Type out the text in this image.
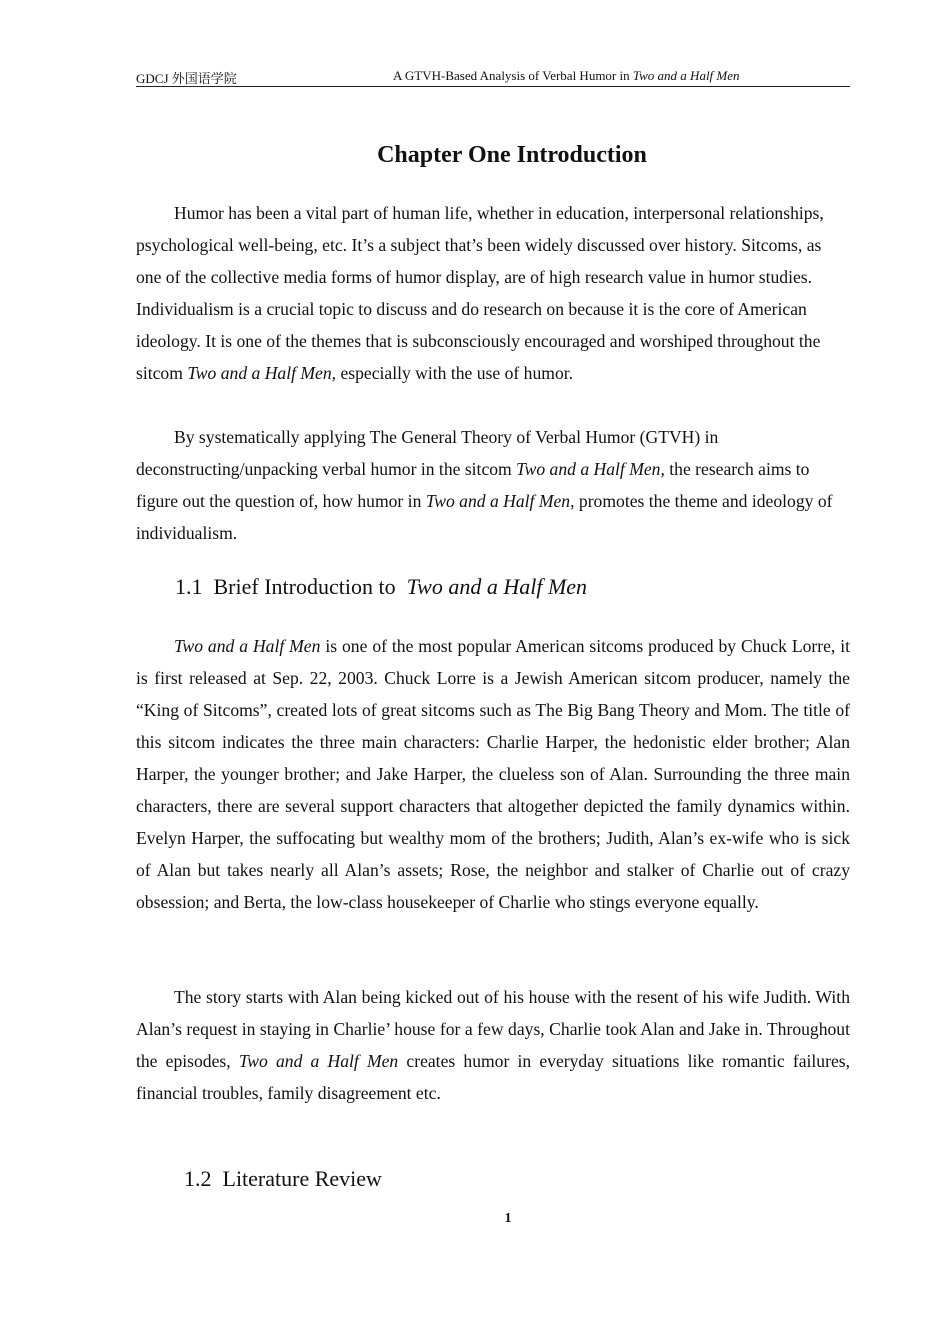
GDCJ 外国语学院	A GTVH-Based Analysis of Verbal Humor in Two and a Half Men
Chapter One Introduction

Humor has been a vital part of human life, whether in education, interpersonal relationships, psychological well-being, etc. It’s a subject that’s been widely discussed over history. Sitcoms, as one of the collective media forms of humor display, are of high research value in humor studies. Individualism is a crucial topic to discuss and do research on because it is the core of American ideology. It is one of the themes that is subconsciously encouraged and worshiped throughout the sitcom Two and a Half Men, especially with the use of humor.

By systematically applying The General Theory of Verbal Humor (GTVH) in deconstructing/unpacking verbal humor in the sitcom Two and a Half Men, the research aims to figure out the question of, how humor in Two and a Half Men, promotes the theme and ideology of individualism.

1.1 Brief Introduction to Two and a Half Men

Two and a Half Men is one of the most popular American sitcoms produced by Chuck Lorre, it is first released at Sep. 22, 2003. Chuck Lorre is a Jewish American sitcom producer, namely the “King of Sitcoms”, created lots of great sitcoms such as The Big Bang Theory and Mom. The title of this sitcom indicates the three main characters: Charlie Harper, the hedonistic elder brother; Alan Harper, the younger brother; and Jake Harper, the clueless son of Alan. Surrounding the three main characters, there are several support characters that altogether depicted the family dynamics within. Evelyn Harper, the suffocating but wealthy mom of the brothers; Judith, Alan’s ex-wife who is sick of Alan but takes nearly all Alan’s assets; Rose, the neighbor and stalker of Charlie out of crazy obsession; and Berta, the low-class housekeeper of Charlie who stings everyone equally.

The story starts with Alan being kicked out of his house with the resent of his wife Judith. With Alan’s request in staying in Charlie’ house for a few days, Charlie took Alan and Jake in. Throughout the episodes, Two and a Half Men creates humor in everyday situations like romantic failures, financial troubles, family disagreement etc.

1.2 Literature Review
1
